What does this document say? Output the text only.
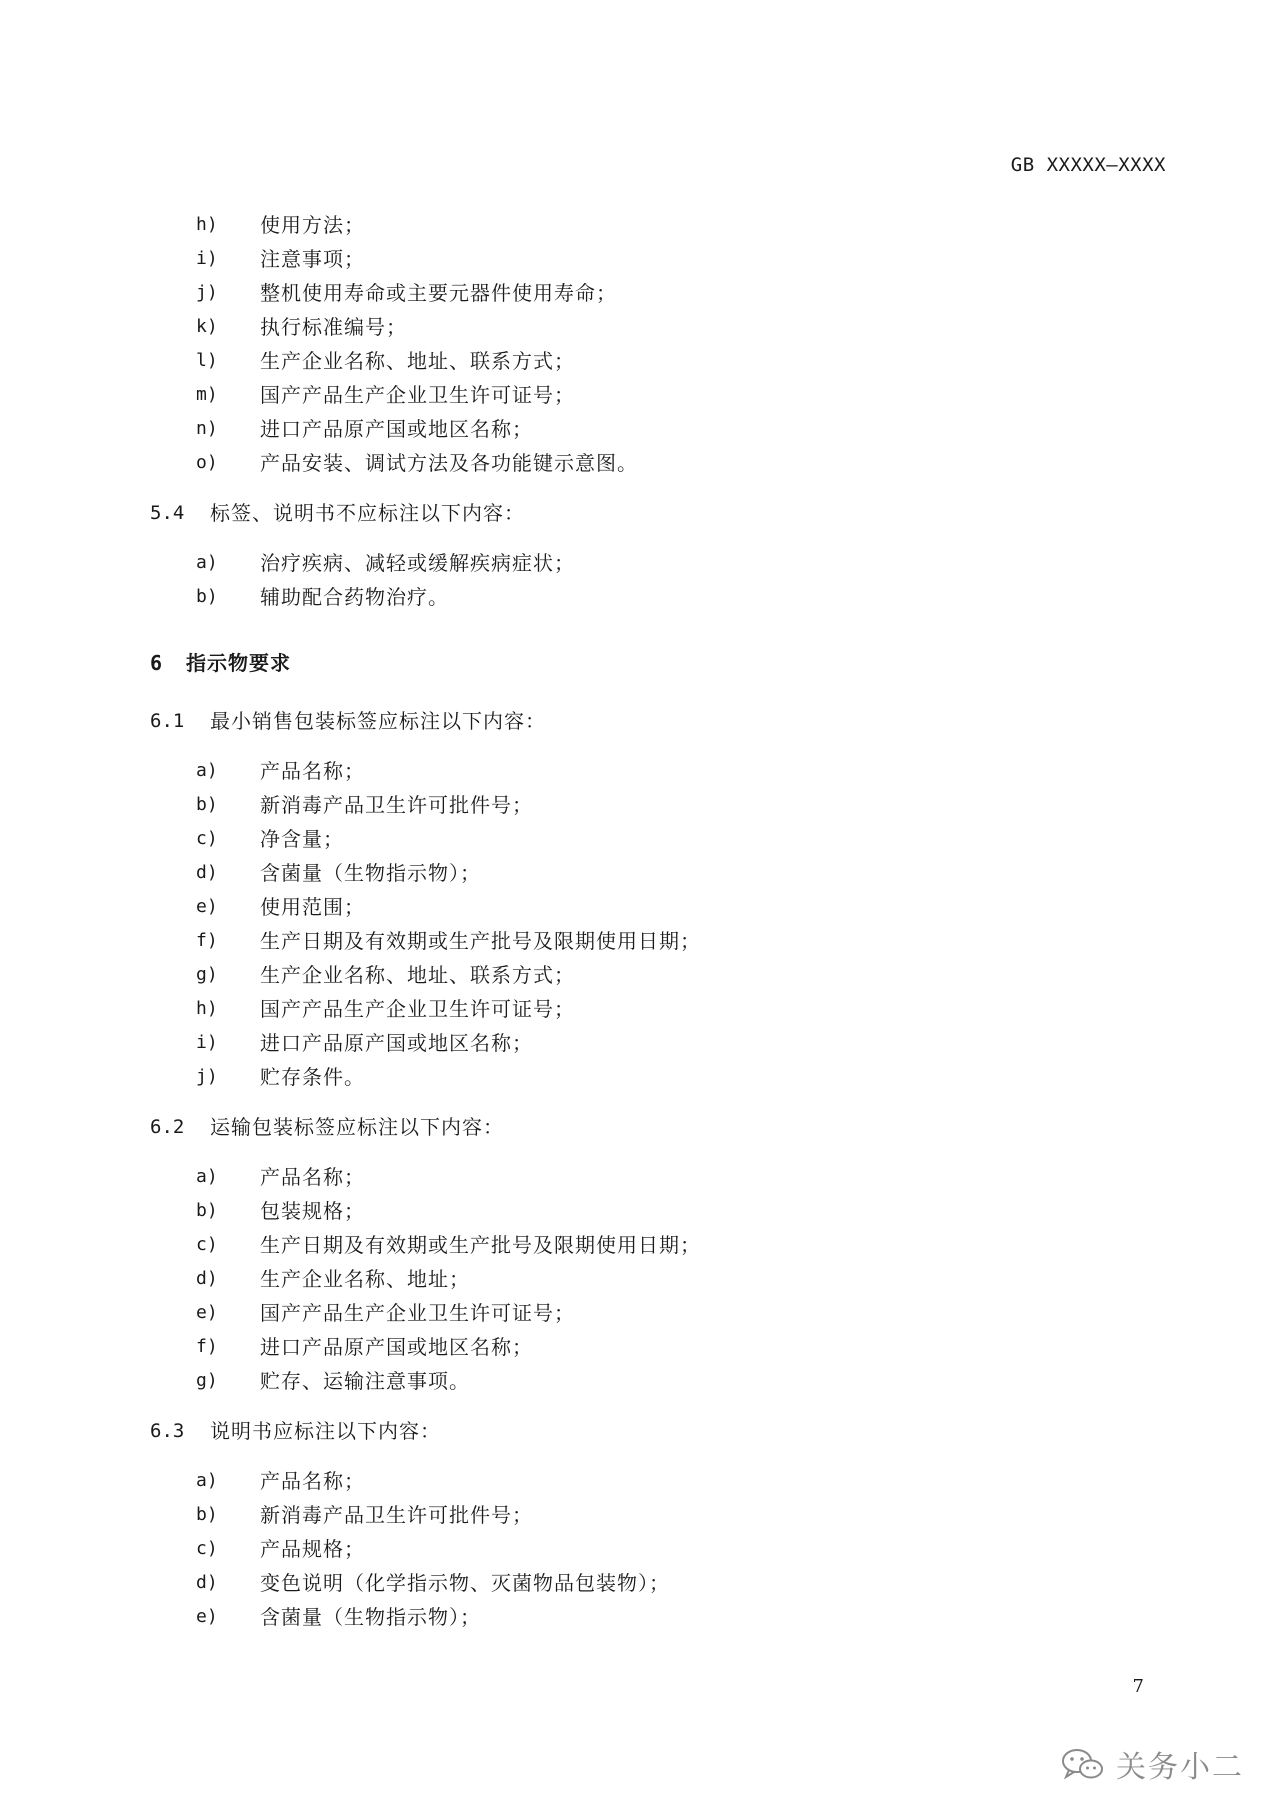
GB XXXXX—XXXX
h)	使用方法；
i)	注意事项；
j)	整机使用寿命或主要元器件使用寿命；
k)	执行标准编号；
l)	生产企业名称、地址、联系方式；
m)	国产产品生产企业卫生许可证号；
n)	进口产品原产国或地区名称；
o)	产品安装、调试方法及各功能键示意图。
5.4 标签、说明书不应标注以下内容：
a)	治疗疾病、减轻或缓解疾病症状；
b)	辅助配合药物治疗。
6 指示物要求
6.1 最小销售包装标签应标注以下内容：
a)	产品名称；
b)	新消毒产品卫生许可批件号；
c)	净含量；
d)	含菌量（生物指示物）；
e)	使用范围；
f)	生产日期及有效期或生产批号及限期使用日期；
g)	生产企业名称、地址、联系方式；
h)	国产产品生产企业卫生许可证号；
i)	进口产品原产国或地区名称；
j)	贮存条件。
6.2 运输包装标签应标注以下内容：
a)	产品名称；
b)	包装规格；
c)	生产日期及有效期或生产批号及限期使用日期；
d)	生产企业名称、地址；
e)	国产产品生产企业卫生许可证号；
f)	进口产品原产国或地区名称；
g)	贮存、运输注意事项。
6.3 说明书应标注以下内容：
a)	产品名称；
b)	新消毒产品卫生许可批件号；
c)	产品规格；
d)	变色说明（化学指示物、灭菌物品包装物）；
e)	含菌量（生物指示物）；
7
关务小二
